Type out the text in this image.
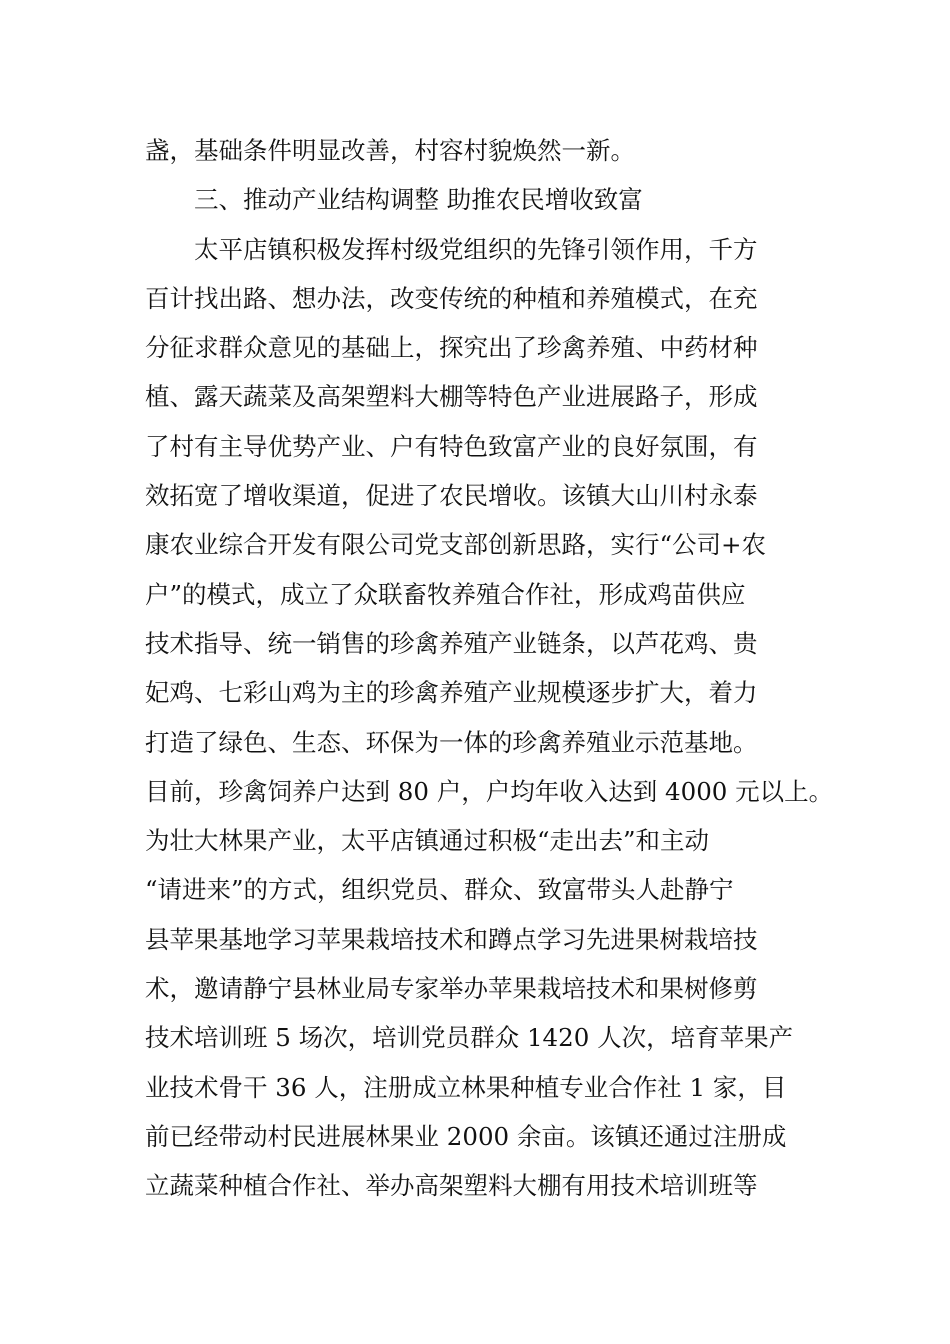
盏，基础条件明显改善，村容村貌焕然一新。
三、推动产业结构调整 助推农民增收致富
太平店镇积极发挥村级党组织的先锋引领作用，千方
百计找出路、想办法，改变传统的种植和养殖模式，在充
分征求群众意见的基础上，探究出了珍禽养殖、中药材种
植、露天蔬菜及高架塑料大棚等特色产业进展路子，形成
了村有主导优势产业、户有特色致富产业的良好氛围，有
效拓宽了增收渠道，促进了农民增收。该镇大山川村永泰
康农业综合开发有限公司党支部创新思路，实行“公司+农
户”的模式，成立了众联畜牧养殖合作社，形成鸡苗供应
技术指导、统一销售的珍禽养殖产业链条，以芦花鸡、贵
妃鸡、七彩山鸡为主的珍禽养殖产业规模逐步扩大，着力
打造了绿色、生态、环保为一体的珍禽养殖业示范基地。
目前，珍禽饲养户达到 80 户，户均年收入达到 4000 元以上。
为壮大林果产业，太平店镇通过积极“走出去”和主动
“请进来”的方式，组织党员、群众、致富带头人赴静宁
县苹果基地学习苹果栽培技术和蹲点学习先进果树栽培技
术，邀请静宁县林业局专家举办苹果栽培技术和果树修剪
技术培训班 5 场次，培训党员群众 1420 人次，培育苹果产
业技术骨干 36 人，注册成立林果种植专业合作社 1 家，目
前已经带动村民进展林果业 2000 余亩。该镇还通过注册成
立蔬菜种植合作社、举办高架塑料大棚有用技术培训班等
